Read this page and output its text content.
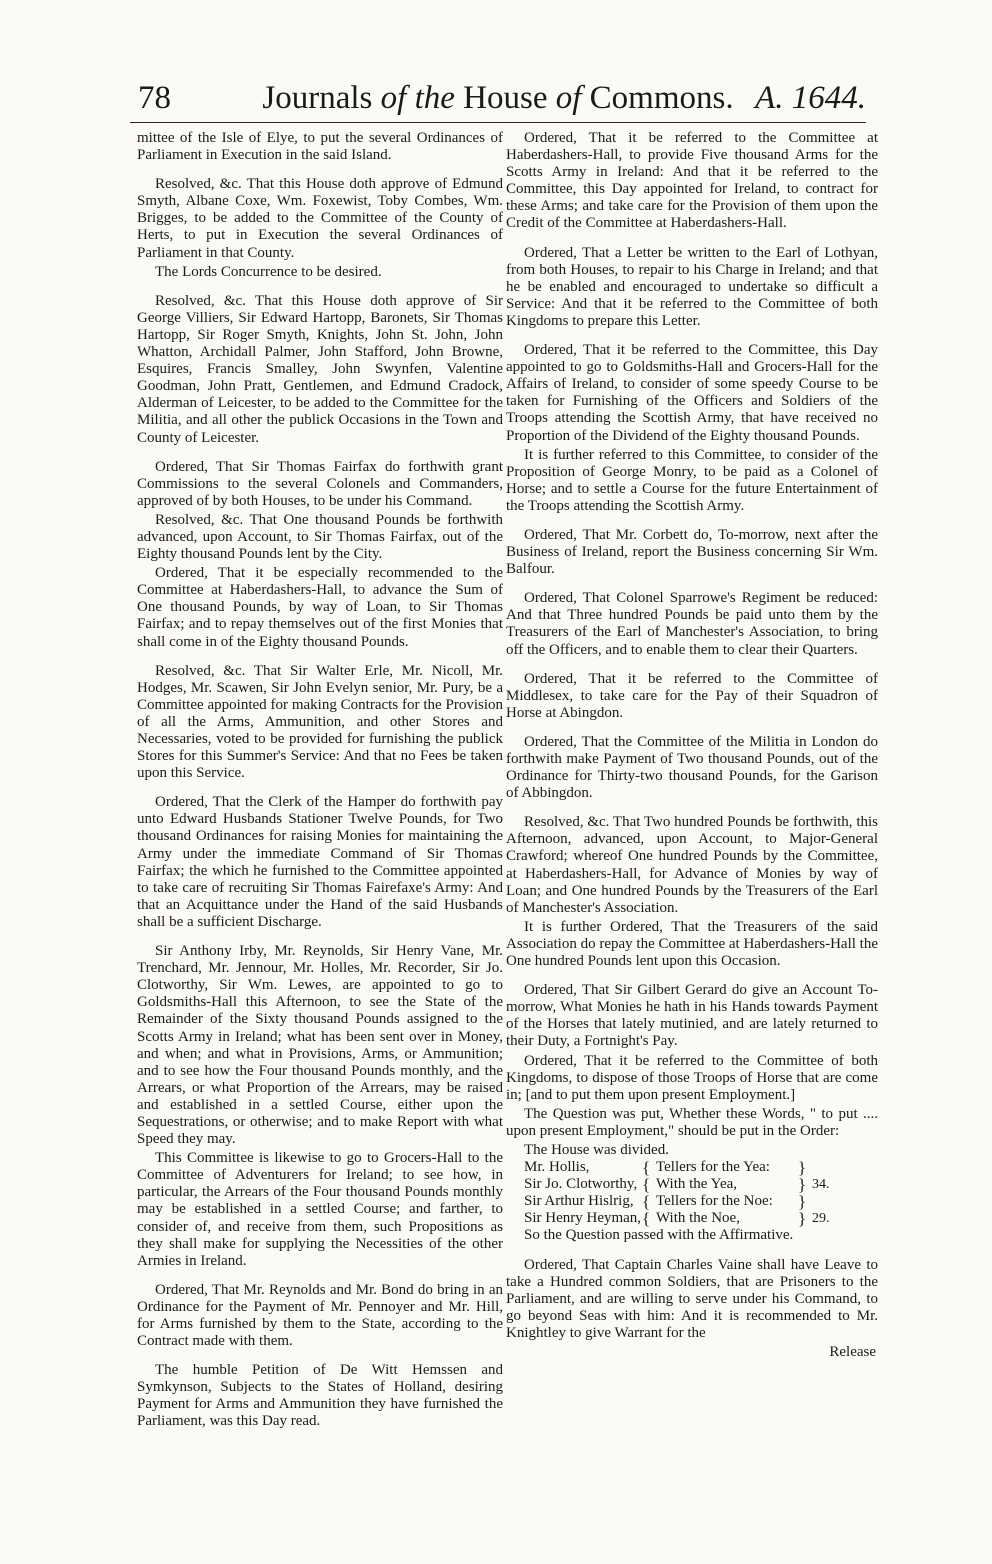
78	Journals of the House of Commons. A. 1644.

mittee of the Isle of Elye, to put the several Ordinances of Parliament in Execution in the said Island.

Resolved, &c. That this House doth approve of Edmund Smyth, Albane Coxe, Wm. Foxewist, Toby Combes, Wm. Brigges, to be added to the Committee of the County of Herts, to put in Execution the several Ordinances of Parliament in that County.

The Lords Concurrence to be desired.

Resolved, &c. That this House doth approve of Sir George Villiers, Sir Edward Hartopp, Baronets, Sir Thomas Hartopp, Sir Roger Smyth, Knights, John St. John, John Whatton, Archidall Palmer, John Stafford, John Browne, Esquires, Francis Smalley, John Swynfen, Valentine Goodman, John Pratt, Gentlemen, and Edmund Cradock, Alderman of Leicester, to be added to the Committee for the Militia, and all other the publick Occasions in the Town and County of Leicester.

Ordered, That Sir Thomas Fairfax do forthwith grant Commissions to the several Colonels and Commanders, approved of by both Houses, to be under his Command.

Resolved, &c. That One thousand Pounds be forthwith advanced, upon Account, to Sir Thomas Fairfax, out of the Eighty thousand Pounds lent by the City.

Ordered, That it be especially recommended to the Committee at Haberdashers-Hall, to advance the Sum of One thousand Pounds, by way of Loan, to Sir Thomas Fairfax; and to repay themselves out of the first Monies that shall come in of the Eighty thousand Pounds.

Resolved, &c. That Sir Walter Erle, Mr. Nicoll, Mr. Hodges, Mr. Scawen, Sir John Evelyn senior, Mr. Pury, be a Committee appointed for making Contracts for the Provision of all the Arms, Ammunition, and other Stores and Necessaries, voted to be provided for furnishing the publick Stores for this Summer's Service: And that no Fees be taken upon this Service.

Ordered, That the Clerk of the Hamper do forthwith pay unto Edward Husbands Stationer Twelve Pounds, for Two thousand Ordinances for raising Monies for maintaining the Army under the immediate Command of Sir Thomas Fairfax; the which he furnished to the Committee appointed to take care of recruiting Sir Thomas Fairefaxe's Army: And that an Acquittance under the Hand of the said Husbands shall be a sufficient Discharge.

Sir Anthony Irby, Mr. Reynolds, Sir Henry Vane, Mr. Trenchard, Mr. Jennour, Mr. Holles, Mr. Recorder, Sir Jo. Clotworthy, Sir Wm. Lewes, are appointed to go to Goldsmiths-Hall this Afternoon, to see the State of the Remainder of the Sixty thousand Pounds assigned to the Scotts Army in Ireland; what has been sent over in Money, and when; and what in Provisions, Arms, or Ammunition; and to see how the Four thousand Pounds monthly, and the Arrears, or what Proportion of the Arrears, may be raised and established in a settled Course, either upon the Sequestrations, or otherwise; and to make Report with what Speed they may.

This Committee is likewise to go to Grocers-Hall to the Committee of Adventurers for Ireland; to see how, in particular, the Arrears of the Four thousand Pounds monthly may be established in a settled Course; and farther, to consider of, and receive from them, such Propositions as they shall make for supplying the Necessities of the other Armies in Ireland.

Ordered, That Mr. Reynolds and Mr. Bond do bring in an Ordinance for the Payment of Mr. Pennoyer and Mr. Hill, for Arms furnished by them to the State, according to the Contract made with them.

The humble Petition of De Witt Hemssen and Symkynson, Subjects to the States of Holland, desiring Payment for Arms and Ammunition they have furnished the Parliament, was this Day read.

Ordered, That it be referred to the Committee at Haberdashers-Hall, to provide Five thousand Arms for the Scotts Army in Ireland: And that it be referred to the Committee, this Day appointed for Ireland, to contract for these Arms; and take care for the Provision of them upon the Credit of the Committee at Haberdashers-Hall.

Ordered, That a Letter be written to the Earl of Lothyan, from both Houses, to repair to his Charge in Ireland; and that he be enabled and encouraged to undertake so difficult a Service: And that it be referred to the Committee of both Kingdoms to prepare this Letter.

Ordered, That it be referred to the Committee, this Day appointed to go to Goldsmiths-Hall and Grocers-Hall for the Affairs of Ireland, to consider of some speedy Course to be taken for Furnishing of the Officers and Soldiers of the Troops attending the Scottish Army, that have received no Proportion of the Dividend of the Eighty thousand Pounds.

It is further referred to this Committee, to consider of the Proposition of George Monry, to be paid as a Colonel of Horse; and to settle a Course for the future Entertainment of the Troops attending the Scottish Army.

Ordered, That Mr. Corbett do, To-morrow, next after the Business of Ireland, report the Business concerning Sir Wm. Balfour.

Ordered, That Colonel Sparrowe's Regiment be reduced: And that Three hundred Pounds be paid unto them by the Treasurers of the Earl of Manchester's Association, to bring off the Officers, and to enable them to clear their Quarters.

Ordered, That it be referred to the Committee of Middlesex, to take care for the Pay of their Squadron of Horse at Abingdon.

Ordered, That the Committee of the Militia in London do forthwith make Payment of Two thousand Pounds, out of the Ordinance for Thirty-two thousand Pounds, for the Garison of Abbingdon.

Resolved, &c. That Two hundred Pounds be forthwith, this Afternoon, advanced, upon Account, to Major-General Crawford; whereof One hundred Pounds by the Committee, at Haberdashers-Hall, for Advance of Monies by way of Loan; and One hundred Pounds by the Treasurers of the Earl of Manchester's Association.

It is further Ordered, That the Treasurers of the said Association do repay the Committee at Haberdashers-Hall the One hundred Pounds lent upon this Occasion.

Ordered, That Sir Gilbert Gerard do give an Account To-morrow, What Monies he hath in his Hands towards Payment of the Horses that lately mutinied, and are lately returned to their Duty, a Fortnight's Pay.

Ordered, That it be referred to the Committee of both Kingdoms, to dispose of those Troops of Horse that are come in; [and to put them upon present Employment.]

The Question was put, Whether these Words, " to put .... upon present Employment," should be put in the Order:

The House was divided.
Mr. Hollis,	{ Tellers for the Yea:	}
Sir Jo. Clotworthy, { With the Yea,	} 34.
Sir Arthur Hislrig, { Tellers for the Noe:	}
Sir Henry Heyman, { With the Noe,	} 29.
So the Question passed with the Affirmative.

Ordered, That Captain Charles Vaine shall have Leave to take a Hundred common Soldiers, that are Prisoners to the Parliament, and are willing to serve under his Command, to go beyond Seas with him: And it is recommended to Mr. Knightley to give Warrant for the

Release
